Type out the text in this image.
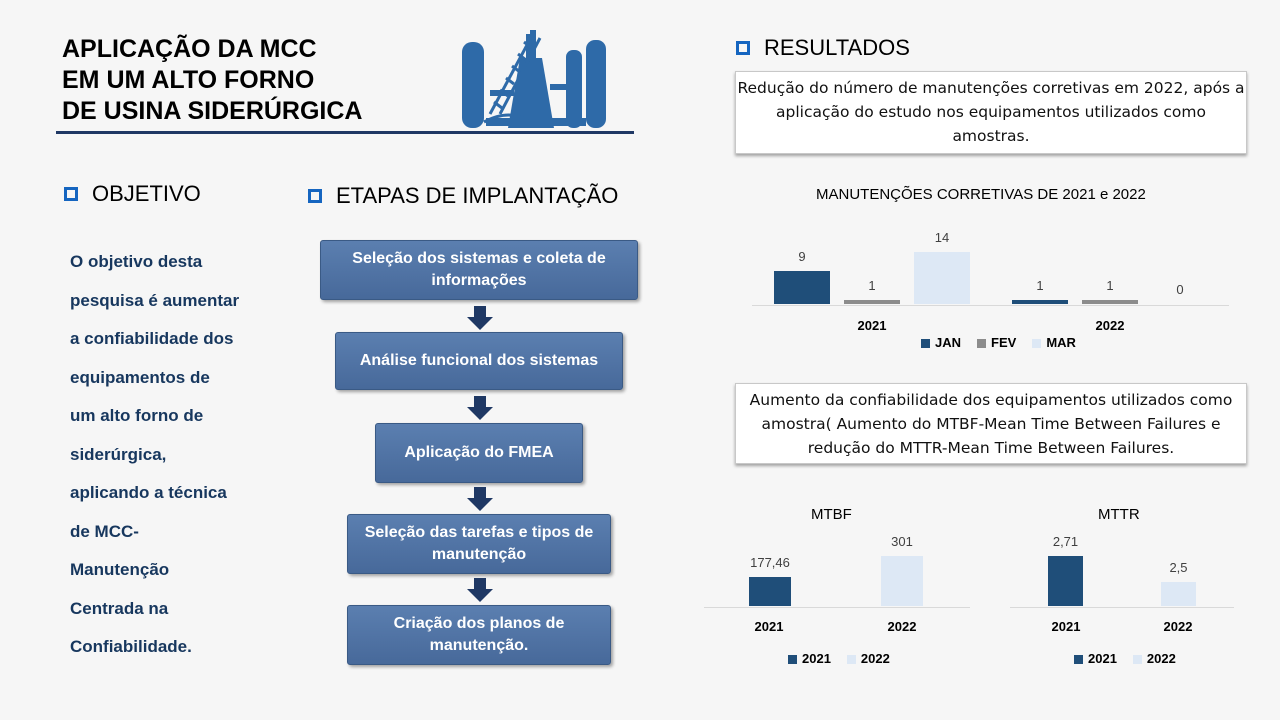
APLICAÇÃO DA MCC
EM UM ALTO FORNO
DE USINA SIDERÚRGICA
OBJETIVO	ETAPAS DE IMPLANTAÇÃO
RESULTADOS
O objetivo desta
pesquisa é aumentar
a confiabilidade dos
equipamentos de
um alto forno de
siderúrgica,
aplicando a técnica
de MCC-
Manutenção
Centrada na
Confiabilidade.
Seleção dos sistemas e coleta de informações
Análise funcional dos sistemas
Aplicação do FMEA
Seleção das tarefas e tipos de manutenção
Criação dos planos de manutenção.
Redução do número de manutenções corretivas em 2022, após a aplicação do estudo nos equipamentos utilizados como amostras.
Aumento da confiabilidade dos equipamentos utilizados como amostra( Aumento do MTBF-Mean Time Between Failures e redução do MTTR-Mean Time Between Failures.
MANUTENÇÕES CORRETIVAS DE 2021 e 2022
2021	2022
JAN	FEV	MAR
MTBF
2021	2022
2021	2022
MTTR
2021	2022
2021	2022
9
1
14
1	1	0
177,46
301	2,71
2,5
